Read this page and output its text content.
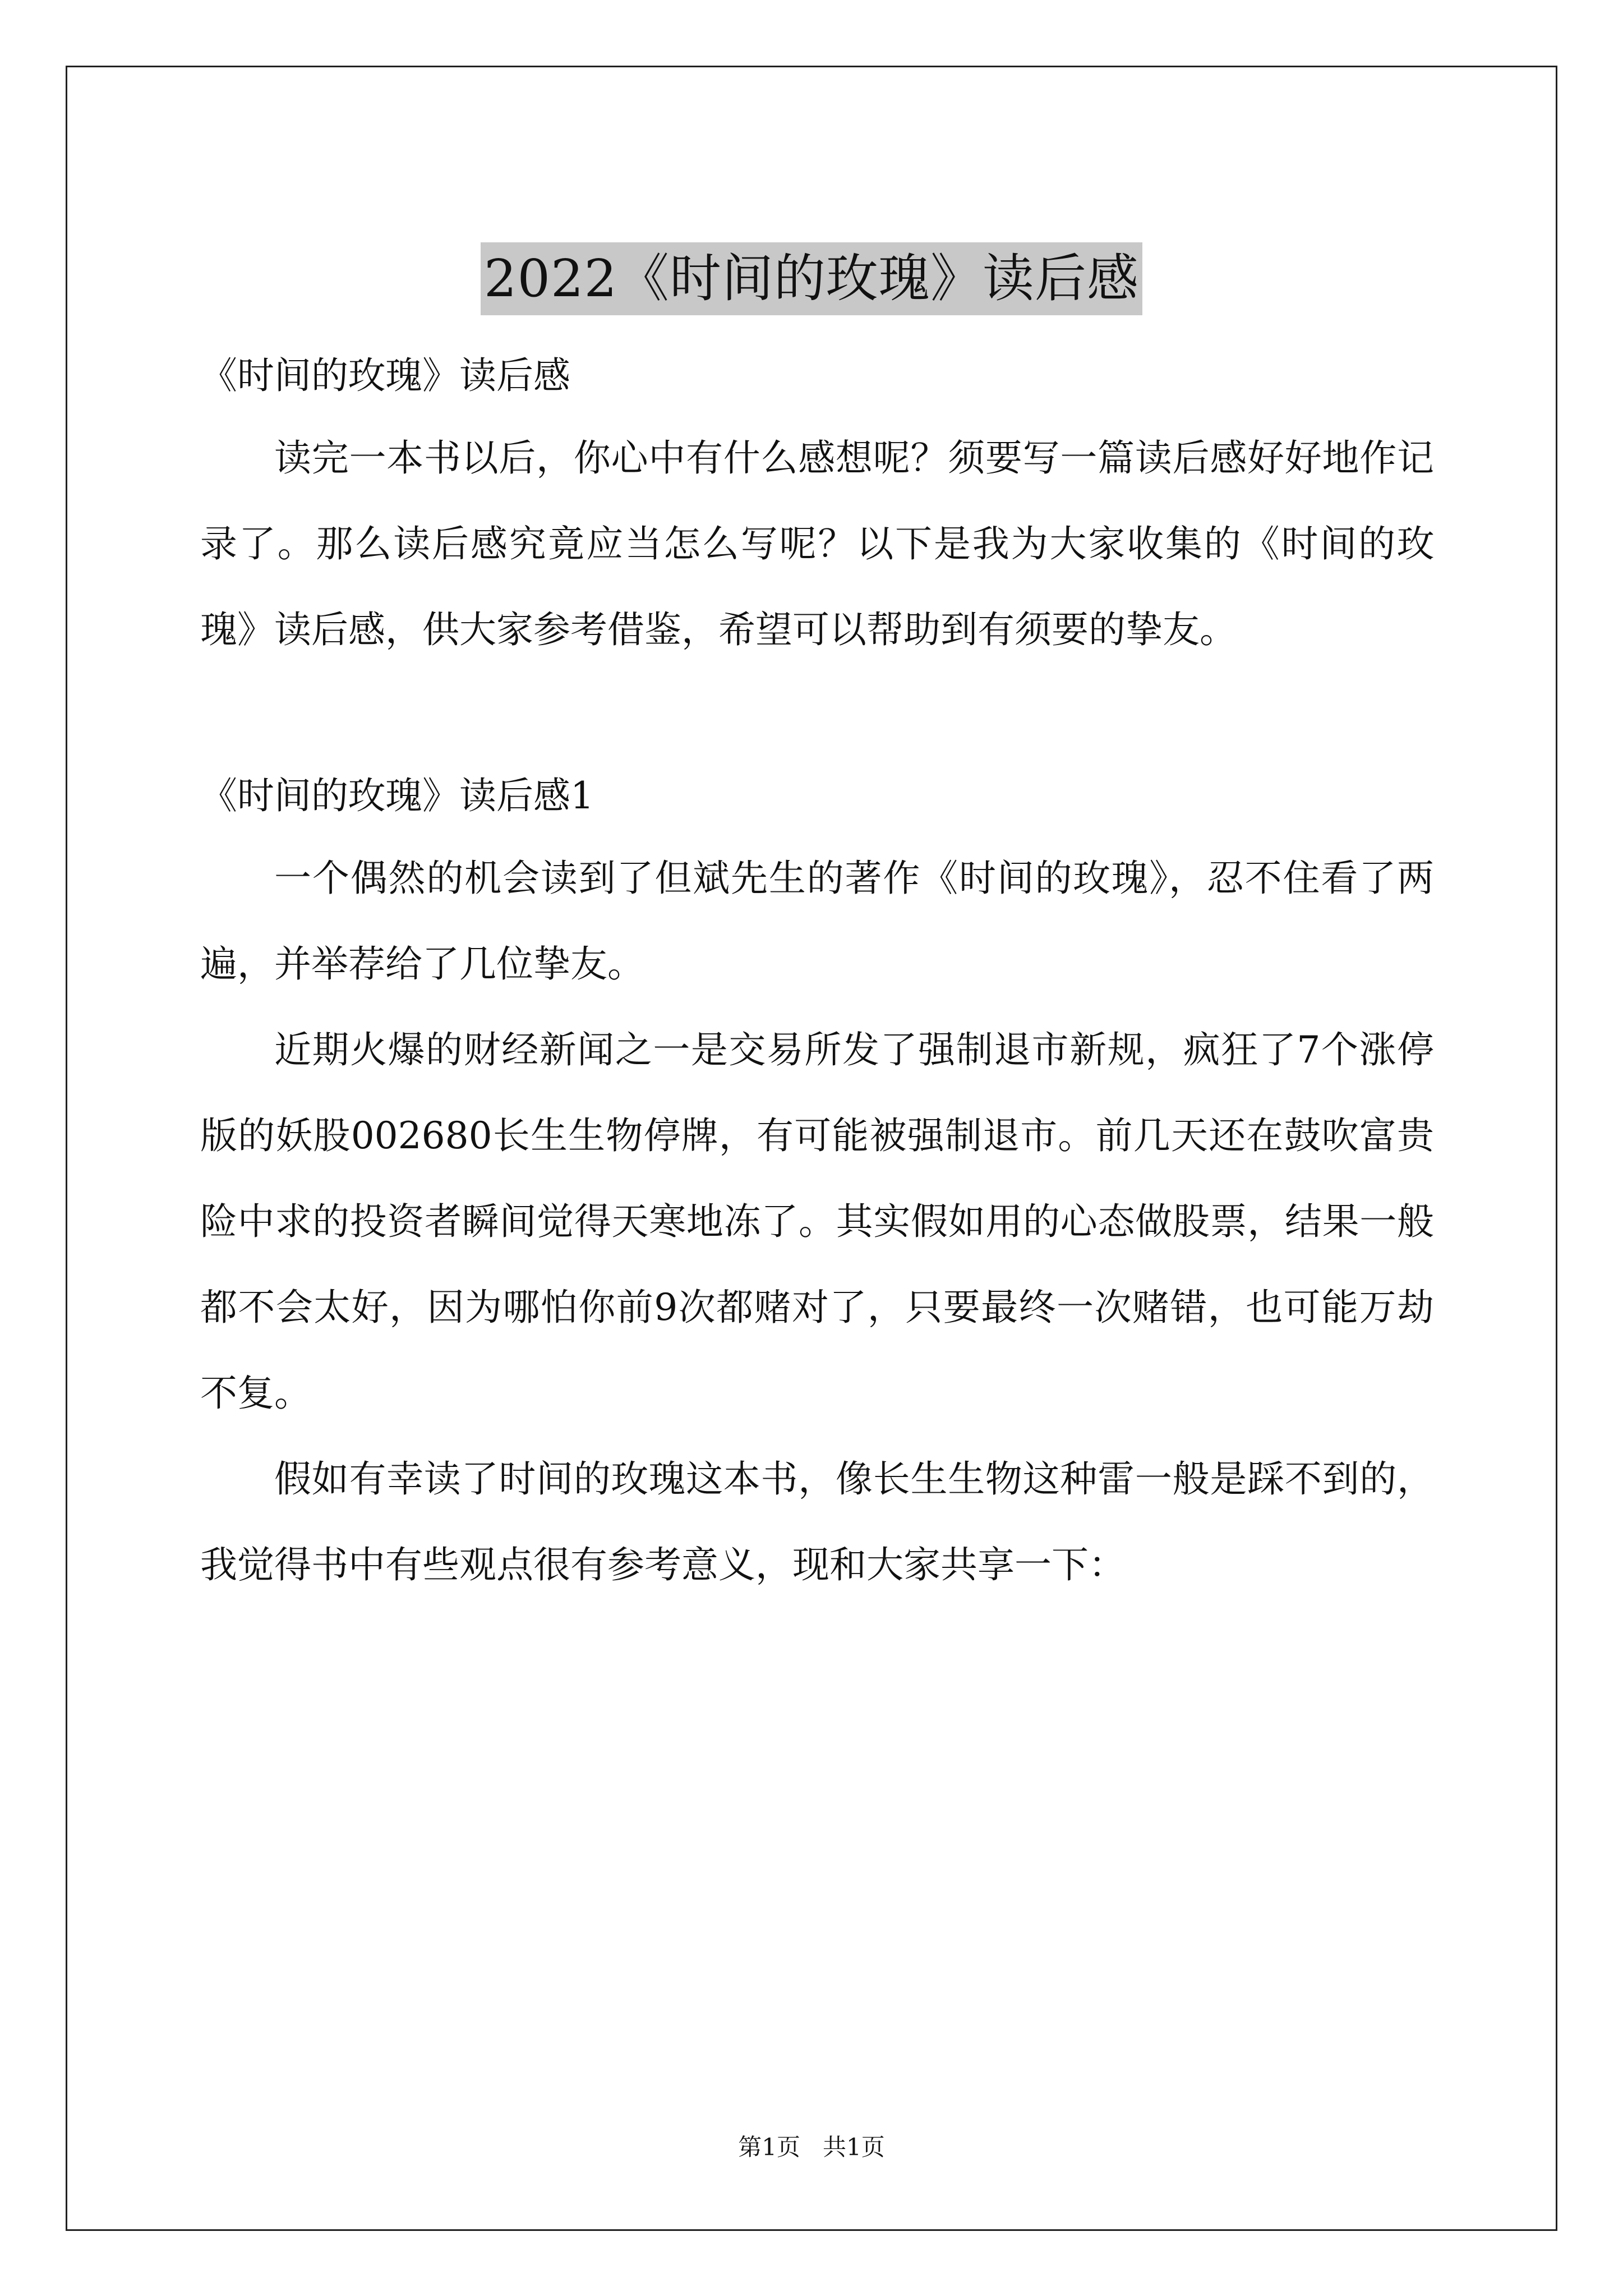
2022《时间的玫瑰》读后感

《时间的玫瑰》读后感

读完一本书以后，你心中有什么感想呢？须要写一篇读后感好好地作记录了。那么读后感究竟应当怎么写呢？以下是我为大家收集的《时间的玫瑰》读后感，供大家参考借鉴，希望可以帮助到有须要的挚友。

《时间的玫瑰》读后感1

一个偶然的机会读到了但斌先生的著作《时间的玫瑰》，忍不住看了两遍，并举荐给了几位挚友。

近期火爆的财经新闻之一是交易所发了强制退市新规，疯狂了7个涨停版的妖股002680长生生物停牌，有可能被强制退市。前几天还在鼓吹富贵险中求的投资者瞬间觉得天寒地冻了。其实假如用的心态做股票，结果一般都不会太好，因为哪怕你前9次都赌对了，只要最终一次赌错，也可能万劫不复。

假如有幸读了时间的玫瑰这本书，像长生生物这种雷一般是踩不到的，我觉得书中有些观点很有参考意义，现和大家共享一下：

第1页   共1页
